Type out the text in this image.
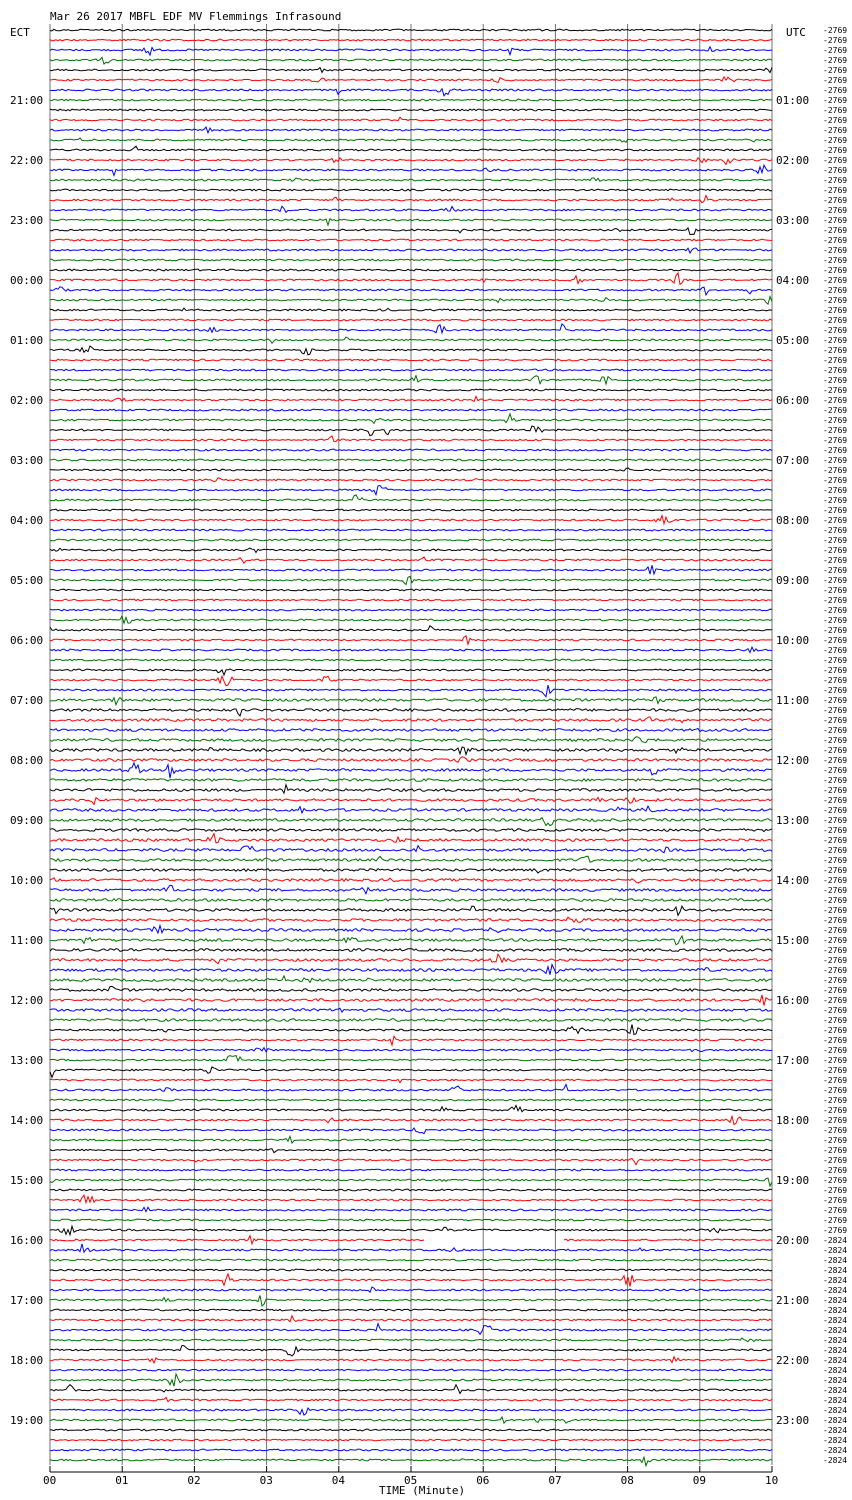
Mar 26 2017 MBFL EDF MV Flemmings Infrasound
ECT	UTC
21:00
22:00
23:00
00:00
01:00
02:00
03:00
04:00
05:00
06:00
07:00
08:00
09:00
10:00
11:00
12:00
13:00
14:00
15:00
16:00
17:00
18:00
19:00
01:00
02:00
03:00
04:00
05:00
06:00
07:00
08:00
09:00
10:00
11:00
12:00
13:00
14:00
15:00
16:00
17:00
18:00
19:00
20:00
21:00
22:00
23:00
-2769
-2769
-2769
-2769
-2769
-2769
-2769
-2769
-2769
-2769
-2769
-2769
-2769
-2769
-2769
-2769
-2769
-2769
-2769
-2769
-2769
-2769
-2769
-2769
-2769
-2769
-2769
-2769
-2769
-2769
-2769
-2769
-2769
-2769
-2769
-2769
-2769
-2769
-2769
-2769
-2769
-2769
-2769
-2769
-2769
-2769
-2769
-2769
-2769
-2769
-2769
-2769
-2769
-2769
-2769
-2769
-2769
-2769
-2769
-2769
-2769
-2769
-2769
-2769
-2769
-2769
-2769
-2769
-2769
-2769
-2769
-2769
-2769
-2769
-2769
-2769
-2769
-2769
-2769
-2769
-2769
-2769
-2769
-2769
-2769
-2769
-2769
-2769
-2769
-2769
-2769
-2769
-2769
-2769
-2769
-2769
-2769
-2769
-2769
-2769
-2769
-2769
-2769
-2769
-2769
-2769
-2769
-2769
-2769
-2769
-2769
-2769
-2769
-2769
-2769
-2769
-2769
-2769
-2769
-2769
-2769
-2824
-2824
-2824
-2824
-2824
-2824
-2824
-2824
-2824
-2824
-2824
-2824
-2824
-2824
-2824
-2824
-2824
-2824
-2824
-2824
-2824
-2824
-2824
00	01	02	03	04	05	06	07	08	09	10
TIME (Minute)
